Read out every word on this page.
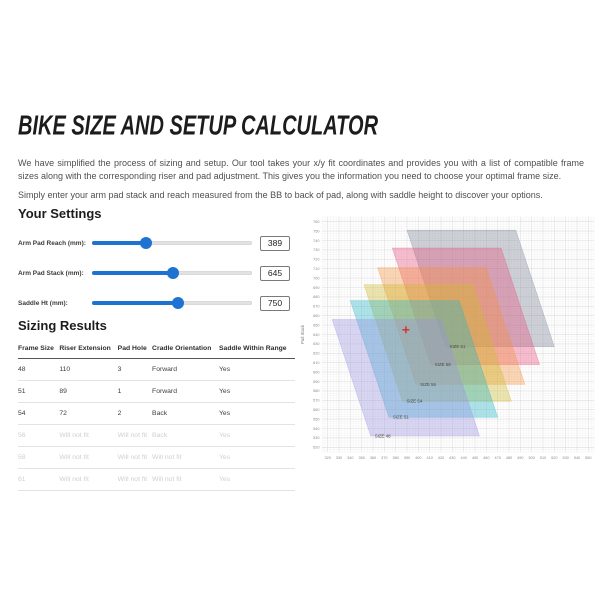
BIKE SIZE AND SETUP CALCULATOR

We have simplified the process of sizing and setup. Our tool takes your x/y fit coordinates and provides you with a list of compatible frame sizes along with the corresponding riser and pad adjustment. This gives you the information you need to choose your optimal frame size.

Simply enter your arm pad stack and reach measured from the BB to back of pad, along with saddle height to discover your options.

Your Settings
Arm Pad Reach (mm):
389
Arm Pad Stack (mm):
645
Saddle Ht (mm):
750
Sizing Results
Frame Size	Riser Extension	Pad Hole	Cradle Orientation	Saddle Within Range
48	110	3	Forward	Yes
51	89	1	Forward	Yes
54	72	2	Back	Yes
56	Will not fit	Will not fit	Back	Yes
58	Will not fit	Will not fit	Will not fit	Yes
61	Will not fit	Will not fit	Will not fit	Yes
SIZE 48
SIZE 51
SIZE 54
SIZE 56
SIZE 58
SIZE 61
320 330 340 350 360 370 380 390 400 410 420 430 440 450 460 470 480 490 500 510 520 530 540 550
520
530
540
550
560
570
580
590
600
610
620
630
640
650
660
670
680
690
700
710
720
730
740
750
760
Pad Stack
